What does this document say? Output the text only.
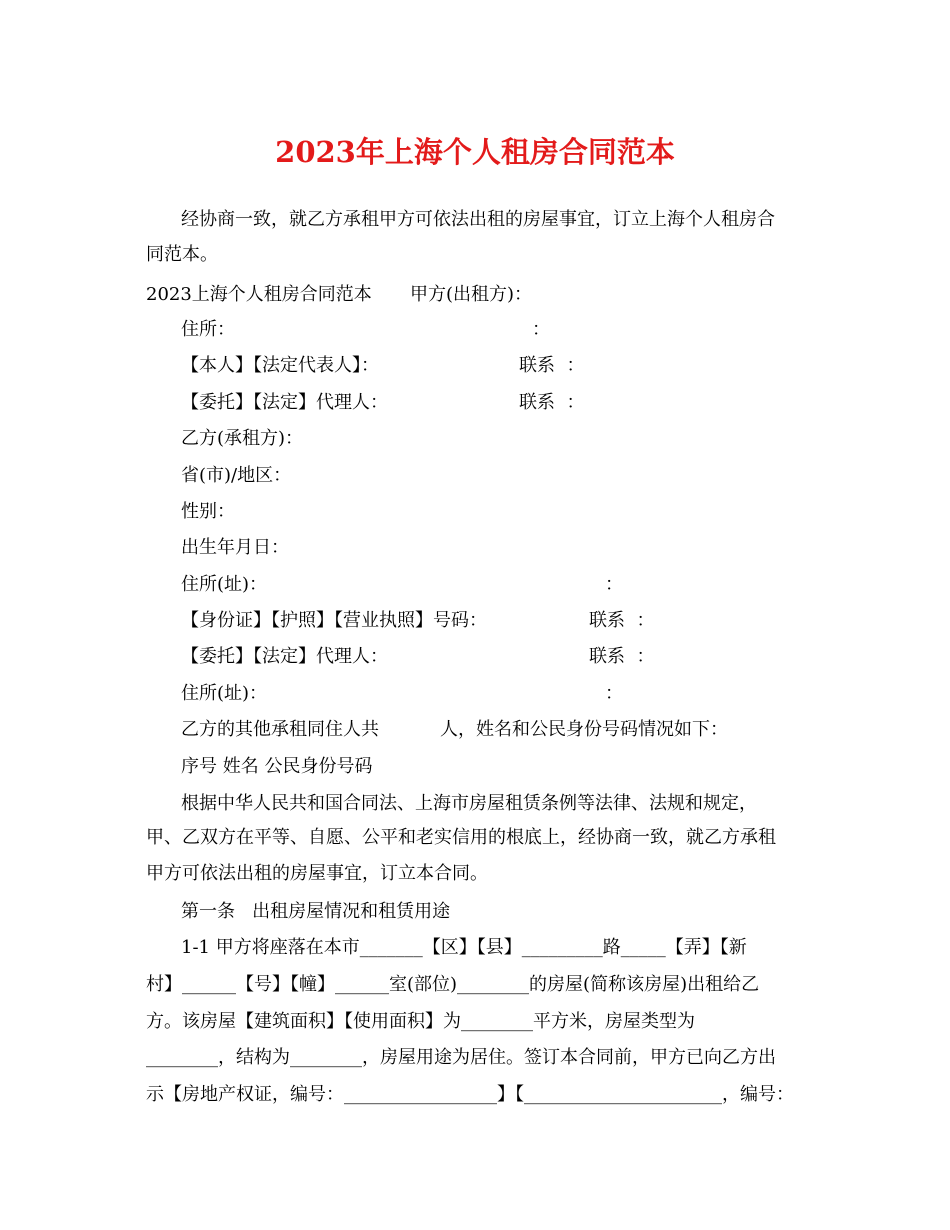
2023年上海个人租房合同范本
经协商一致，就乙方承租甲方可依法出租的房屋事宜，订立上海个人租房合
同范本。
2023上海个人租房合同范本 甲方(出租方)：
住所：	：
【本人】【法定代表人】：	联系  ：
【委托】【法定】代理人：	联系  ：
乙方(承租方)：
省(市)/地区：
性别：
出生年月日：
住所(址)：	：
【身份证】【护照】【营业执照】号码：	联系  ：
【委托】【法定】代理人：	联系  ：
住所(址)：	：
乙方的其他承租同住人共	人，姓名和公民身份号码情况如下：
序号 姓名 公民身份号码
根据中华人民共和国合同法、上海市房屋租赁条例等法律、法规和规定，
甲、乙双方在平等、自愿、公平和老实信用的根底上，经协商一致，就乙方承租
甲方可依法出租的房屋事宜，订立本合同。
第一条   出租房屋情况和租赁用途
1-1 甲方将座落在本市_______【区】【县】_________路_____【弄】【新
村】______【号】【幢】______室(部位)________的房屋(简称该房屋)出租给乙
方。该房屋【建筑面积】【使用面积】为________平方米，房屋类型为
________，结构为________，房屋用途为居住。签订本合同前，甲方已向乙方出
示【房地产权证，编号：_________________】【______________________，编号：
